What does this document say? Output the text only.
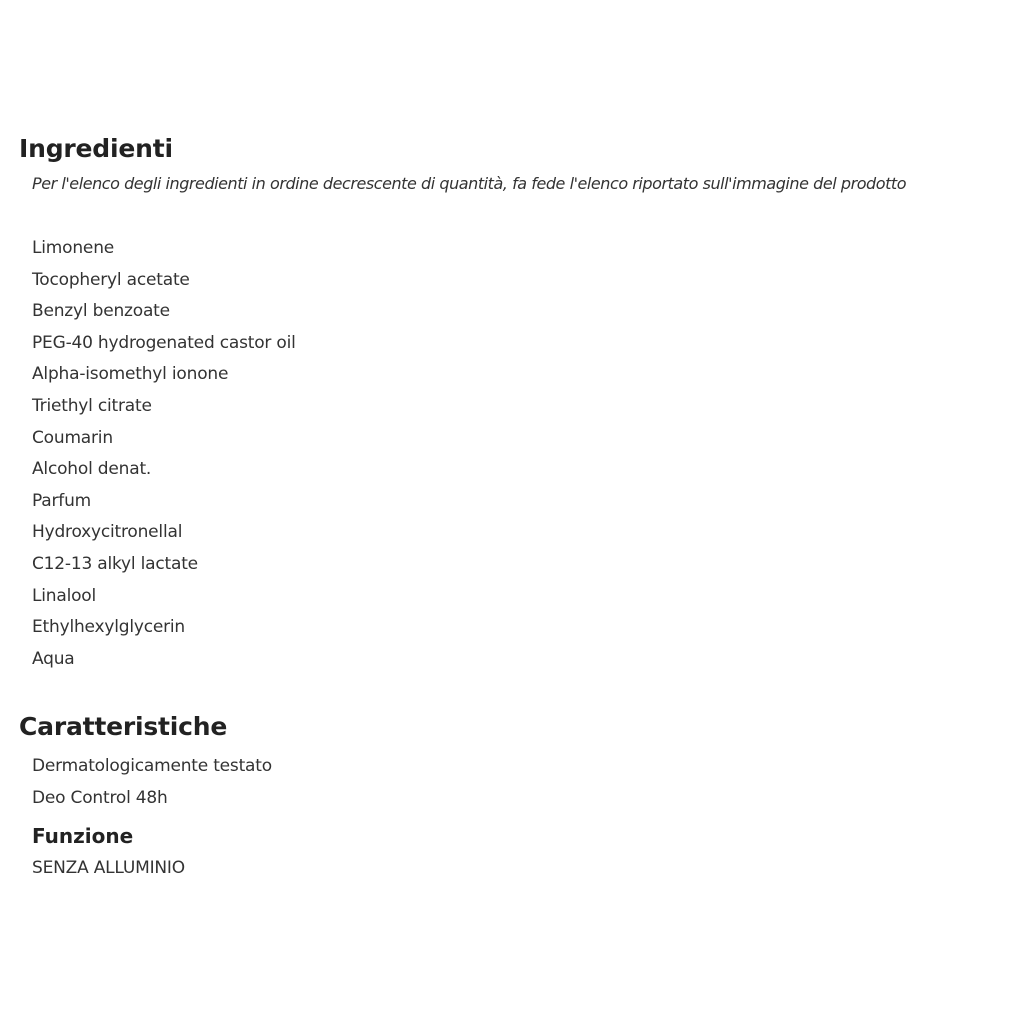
Ingredienti

Per l'elenco degli ingredienti in ordine decrescente di quantità, fa fede l'elenco riportato sull'immagine del prodotto

Limonene
Tocopheryl acetate
Benzyl benzoate
PEG-40 hydrogenated castor oil
Alpha-isomethyl ionone
Triethyl citrate
Coumarin
Alcohol denat.
Parfum
Hydroxycitronellal
C12-13 alkyl lactate
Linalool
Ethylhexylglycerin
Aqua
Caratteristiche
Dermatologicamente testato
Deo Control 48h
Funzione
SENZA ALLUMINIO
